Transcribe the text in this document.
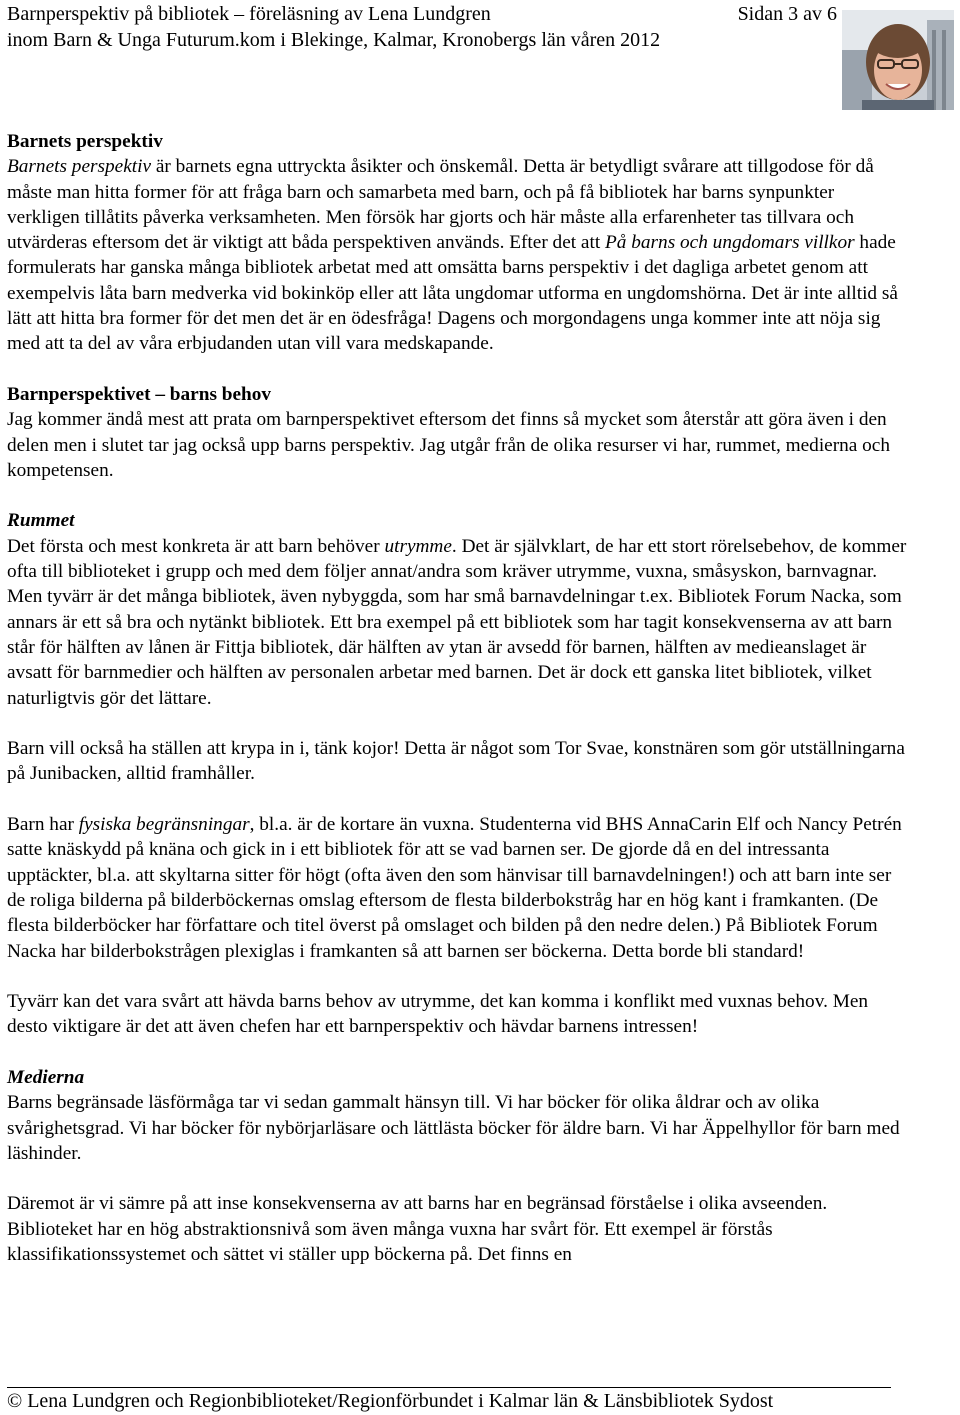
Barnperspektiv på bibliotek – föreläsning av Lena Lundgren	Sidan 3 av 6
inom Barn & Unga Futurum.kom i Blekinge, Kalmar, Kronobergs län våren 2012

Barnets perspektiv

Barnets perspektiv är barnets egna uttryckta åsikter och önskemål. Detta är betydligt svårare att tillgodose för då måste man hitta former för att fråga barn och samarbeta med barn, och på få bibliotek har barns synpunkter verkligen tillåtits påverka verksamheten. Men försök har gjorts och här måste alla erfarenheter tas tillvara och utvärderas eftersom det är viktigt att båda perspektiven används. Efter det att På barns och ungdomars villkor hade formulerats har ganska många bibliotek arbetat med att omsätta barns perspektiv i det dagliga arbetet genom att exempelvis låta barn medverka vid bokinköp eller att låta ungdomar utforma en ungdomshörna. Det är inte alltid så lätt att hitta bra former för det men det är en ödesfråga! Dagens och morgondagens unga kommer inte att nöja sig med att ta del av våra erbjudanden utan vill vara medskapande.

Barnperspektivet – barns behov

Jag kommer ändå mest att prata om barnperspektivet eftersom det finns så mycket som återstår att göra även i den delen men i slutet tar jag också upp barns perspektiv. Jag utgår från de olika resurser vi har, rummet, medierna och kompetensen.

Rummet

Det första och mest konkreta är att barn behöver utrymme. Det är självklart, de har ett stort rörelsebehov, de kommer ofta till biblioteket i grupp och med dem följer annat/andra som kräver utrymme, vuxna, småsyskon, barnvagnar. Men tyvärr är det många bibliotek, även nybyggda, som har små barnavdelningar t.ex. Bibliotek Forum Nacka, som annars är ett så bra och nytänkt bibliotek. Ett bra exempel på ett bibliotek som har tagit konsekvenserna av att barn står för hälften av lånen är Fittja bibliotek, där hälften av ytan är avsedd för barnen, hälften av medieanslaget är avsatt för barnmedier och hälften av personalen arbetar med barnen. Det är dock ett ganska litet bibliotek, vilket naturligtvis gör det lättare.

Barn vill också ha ställen att krypa in i, tänk kojor! Detta är något som Tor Svae, konstnären som gör utställningarna på Junibacken, alltid framhåller.

Barn har fysiska begränsningar, bl.a. är de kortare än vuxna. Studenterna vid BHS AnnaCarin Elf och Nancy Petrén satte knäskydd på knäna och gick in i ett bibliotek för att se vad barnen ser. De gjorde då en del intressanta upptäckter, bl.a. att skyltarna sitter för högt (ofta även den som hänvisar till barnavdelningen!) och att barn inte ser de roliga bilderna på bilderböckernas omslag eftersom de flesta bilderbokstråg har en hög kant i framkanten. (De flesta bilderböcker har författare och titel överst på omslaget och bilden på den nedre delen.) På Bibliotek Forum Nacka har bilderbokstrågen plexiglas i framkanten så att barnen ser böckerna. Detta borde bli standard!

Tyvärr kan det vara svårt att hävda barns behov av utrymme, det kan komma i konflikt med vuxnas behov. Men desto viktigare är det att även chefen har ett barnperspektiv och hävdar barnens intressen!

Medierna

Barns begränsade läsförmåga tar vi sedan gammalt hänsyn till. Vi har böcker för olika åldrar och av olika svårighetsgrad. Vi har böcker för nybörjarläsare och lättlästa böcker för äldre barn. Vi har Äppelhyllor för barn med läshinder.

Däremot är vi sämre på att inse konsekvenserna av att barns har en begränsad förståelse i olika avseenden. Biblioteket har en hög abstraktionsnivå som även många vuxna har svårt för. Ett exempel är förstås klassifikationssystemet och sättet vi ställer upp böckerna på. Det finns en

© Lena Lundgren och Regionbiblioteket/Regionförbundet i Kalmar län & Länsbibliotek Sydost
